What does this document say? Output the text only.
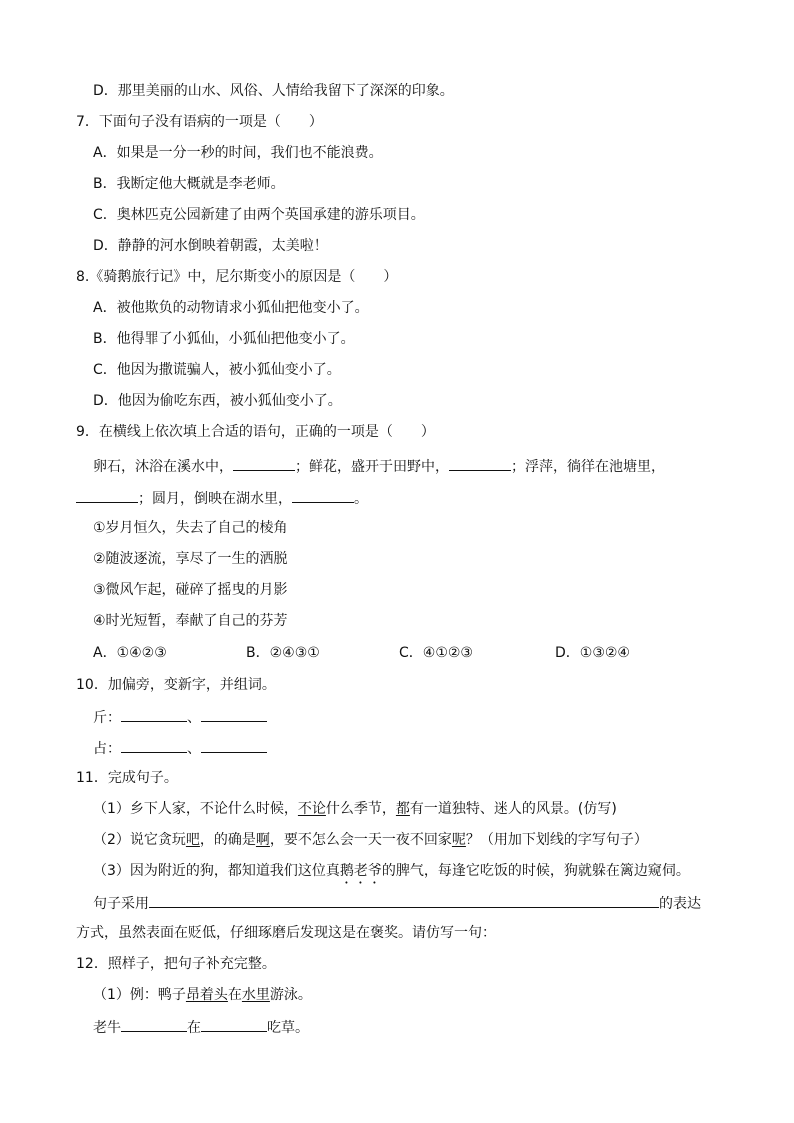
D．那里美丽的山水、风俗、人情给我留下了深深的印象。
7．下面句子没有语病的一项是（　　）
A．如果是一分一秒的时间，我们也不能浪费。
B．我断定他大概就是李老师。
C．奥林匹克公园新建了由两个英国承建的游乐项目。
D．静静的河水倒映着朝霞，太美啦！
8.《骑鹅旅行记》中，尼尔斯变小的原因是（　　）
A．被他欺负的动物请求小狐仙把他变小了。
B．他得罪了小狐仙，小狐仙把他变小了。
C．他因为撒谎骗人，被小狐仙变小了。
D．他因为偷吃东西，被小狐仙变小了。
9．在横线上依次填上合适的语句，正确的一项是（　　）
卵石，沐浴在溪水中，	；鲜花，盛开于田野中，	；浮萍，徜徉在池塘里，
；圆月，倒映在湖水里，	。
①岁月恒久，失去了自己的棱角
②随波逐流，享尽了一生的洒脱
③微风乍起，碰碎了摇曳的月影
④时光短暂，奉献了自己的芬芳
A．①④②③	B．②④③①	C．④①②③	D．①③②④
10．加偏旁，变新字，并组词。
斤：	、
占：	、
11．完成句子。
（1）乡下人家，不论什么时候，不论什么季节，都有一道独特、迷人的风景。(仿写)
（2）说它贪玩吧，的确是啊，要不怎么会一天一夜不回家呢？（用加下划线的字写句子）
（3）因为附近的狗，都知道我们这位真鹅老爷的脾气，每逢它吃饭的时候，狗就躲在篱边窥伺。
句子采用	的表达
方式，虽然表面在贬低，仔细琢磨后发现这是在褒奖。请仿写一句：
12．照样子，把句子补充完整。
（1）例：鸭子昂着头在水里游泳。
老牛	在	吃草。
